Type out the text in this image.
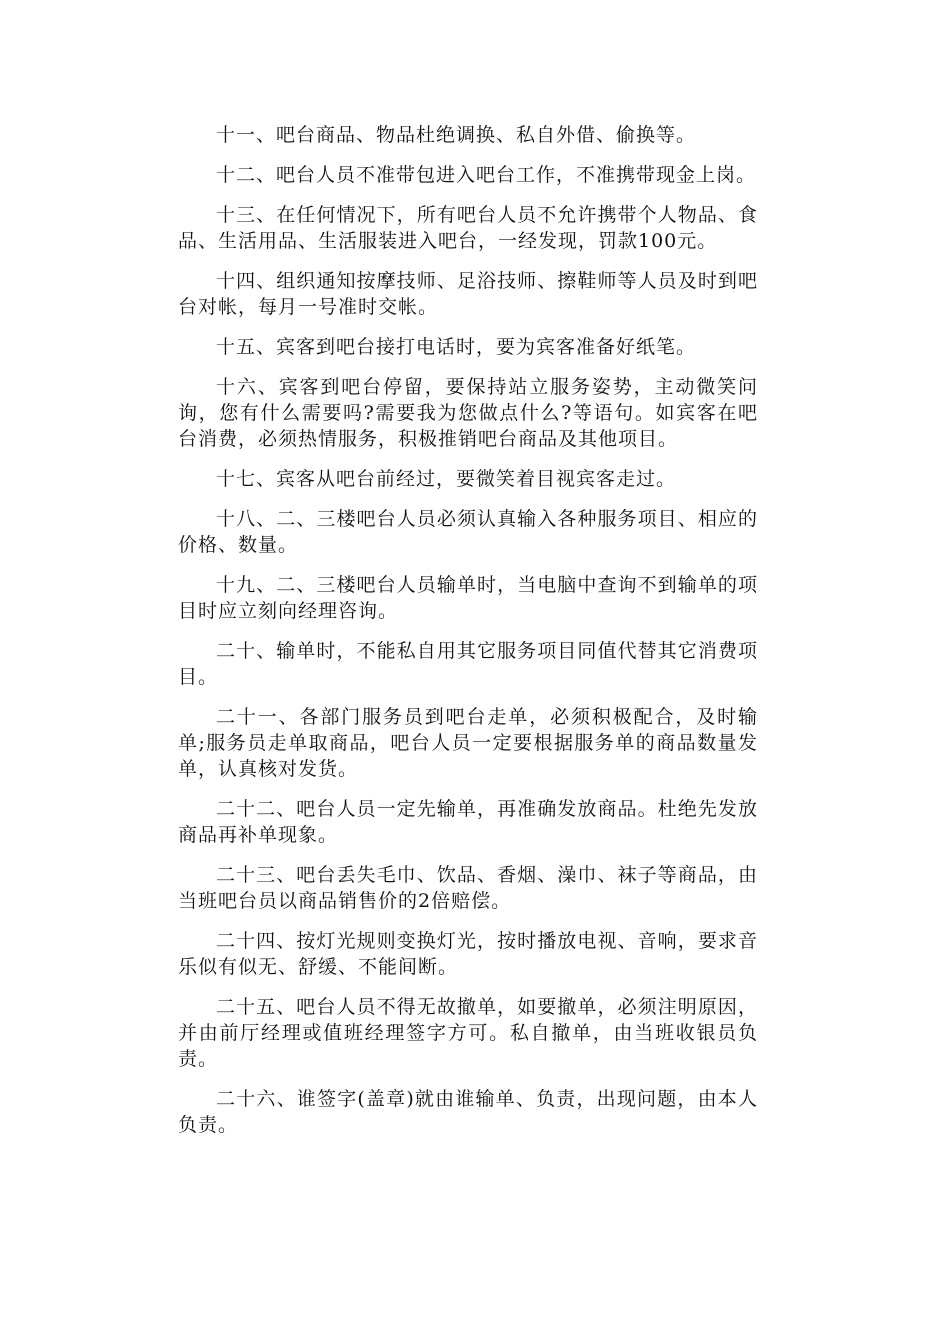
十一、吧台商品、物品杜绝调换、私自外借、偷换等。

十二、吧台人员不准带包进入吧台工作，不准携带现金上岗。

十三、在任何情况下，所有吧台人员不允许携带个人物品、食品、生活用品、生活服装进入吧台，一经发现，罚款100元。

十四、组织通知按摩技师、足浴技师、擦鞋师等人员及时到吧台对帐，每月一号准时交帐。

十五、宾客到吧台接打电话时，要为宾客准备好纸笔。

十六、宾客到吧台停留，要保持站立服务姿势，主动微笑问询，您有什么需要吗?需要我为您做点什么?等语句。如宾客在吧台消费，必须热情服务，积极推销吧台商品及其他项目。

十七、宾客从吧台前经过，要微笑着目视宾客走过。

十八、二、三楼吧台人员必须认真输入各种服务项目、相应的价格、数量。

十九、二、三楼吧台人员输单时，当电脑中查询不到输单的项目时应立刻向经理咨询。

二十、输单时，不能私自用其它服务项目同值代替其它消费项目。

二十一、各部门服务员到吧台走单，必须积极配合，及时输单;服务员走单取商品，吧台人员一定要根据服务单的商品数量发单，认真核对发货。

二十二、吧台人员一定先输单，再准确发放商品。杜绝先发放商品再补单现象。

二十三、吧台丢失毛巾、饮品、香烟、澡巾、袜子等商品，由当班吧台员以商品销售价的2倍赔偿。

二十四、按灯光规则变换灯光，按时播放电视、音响，要求音乐似有似无、舒缓、不能间断。

二十五、吧台人员不得无故撤单，如要撤单，必须注明原因，并由前厅经理或值班经理签字方可。私自撤单，由当班收银员负责。

二十六、谁签字(盖章)就由谁输单、负责，出现问题，由本人负责。
